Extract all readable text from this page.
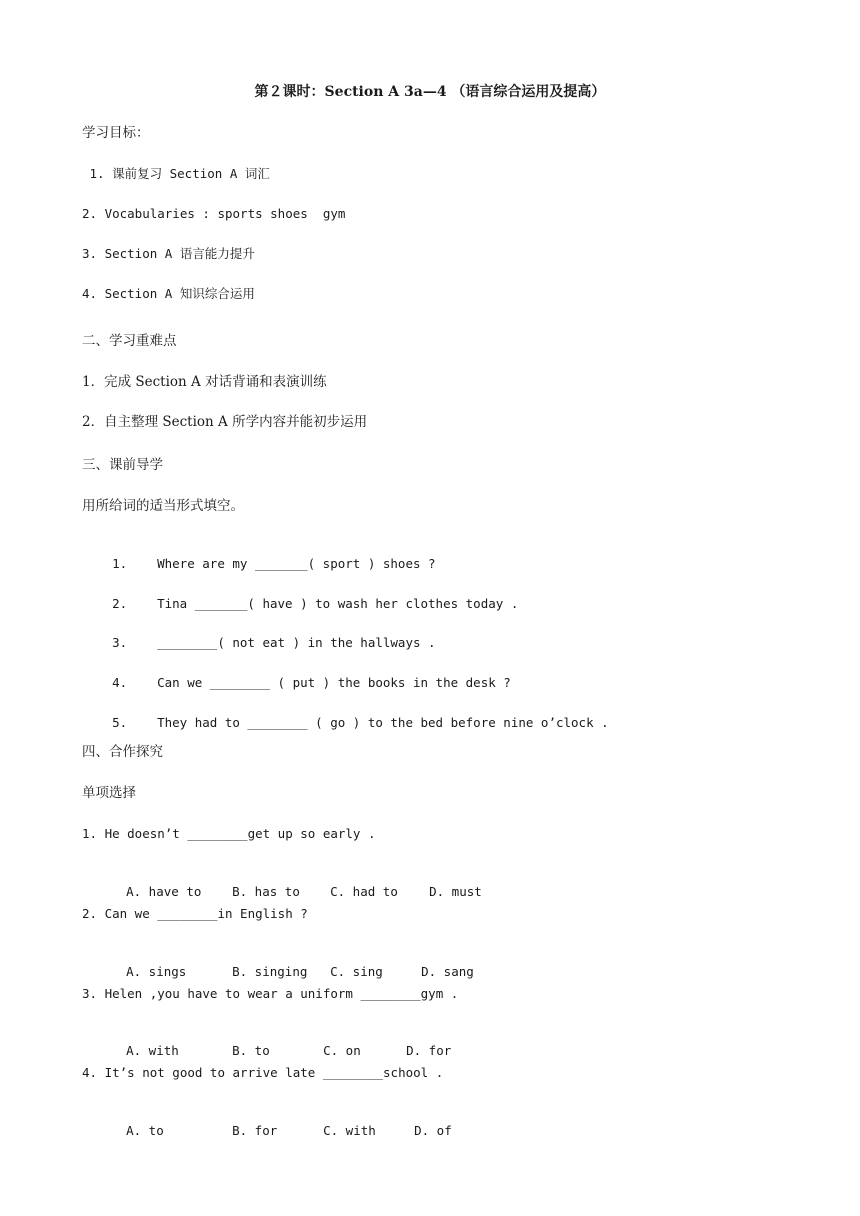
第２课时：Section A 3a—4 （语言综合运用及提高）
学习目标：
1. 课前复习 Section A 词汇
2. Vocabularies : sports shoes  gym
3. Section A 语言能力提升
4. Section A 知识综合运用
二、学习重难点
1．完成 Section A 对话背诵和表演训练
2．自主整理 Section A 所学内容并能初步运用
三、课前导学
用所给词的适当形式填空。

1. Where are my _______( sport ) shoes ?

2. Tina _______( have ) to wash her clothes today .

3. ________( not eat ) in the hallways .

4. Can we ________ ( put ) the books in the desk ?

5. They had to ________ ( go ) to the bed before nine o’clock .

四、合作探究
单项选择
1. He doesn’t ________get up so early .

A. have to B. has to C. had to	D. must

2. Can we ________in English ?

A. sings	B. singing C. sing	D. sang

3. Helen ,you have to wear a uniform ________gym .

A. with	B. to	C. on	D. for

4. It’s not good to arrive late ________school .

A. to	B. for	C. with	D. of
